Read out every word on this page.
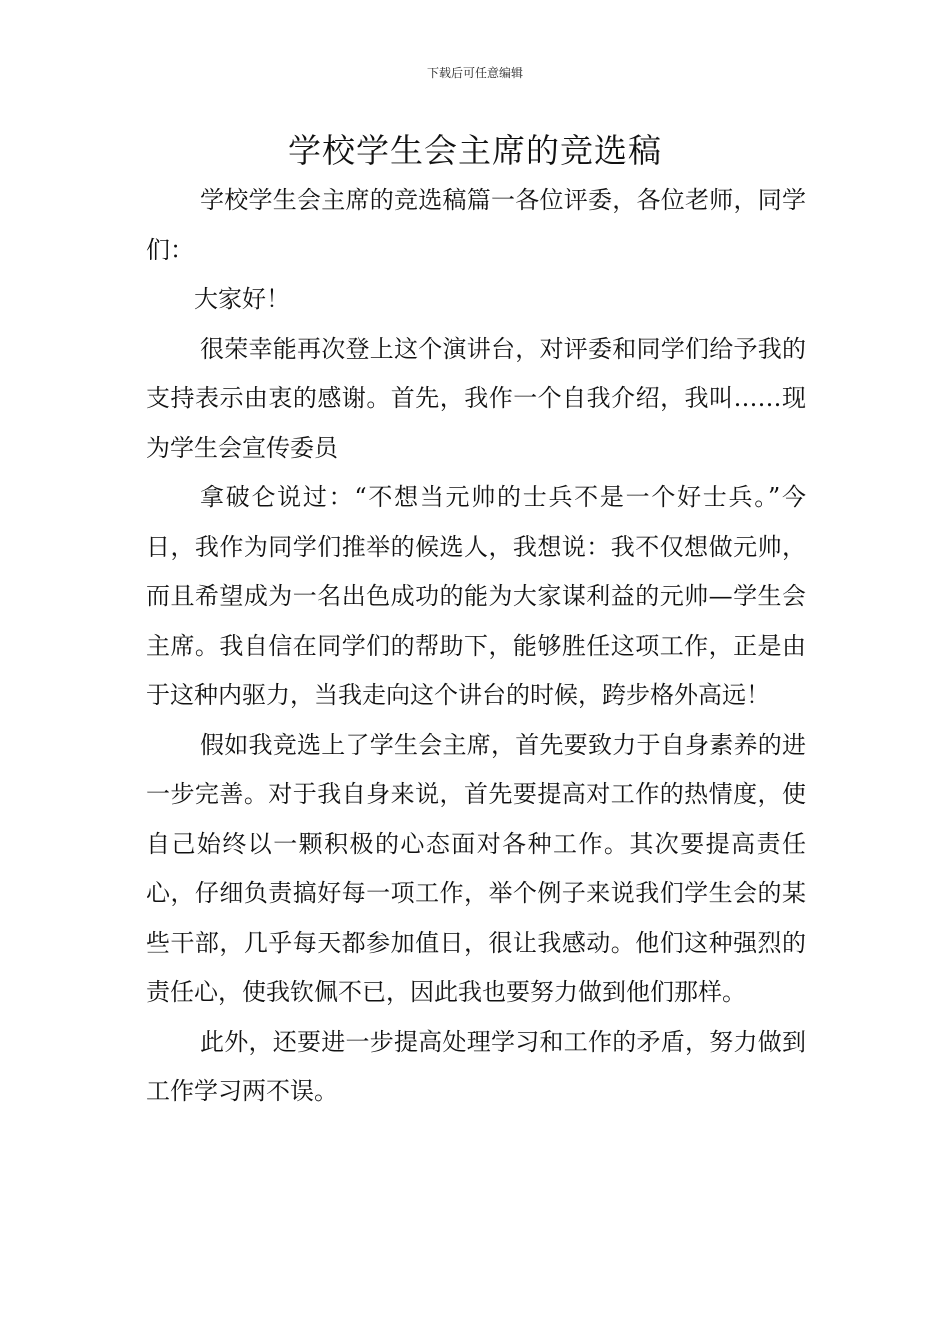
下载后可任意编辑
学校学生会主席的竞选稿

学校学生会主席的竞选稿篇一各位评委，各位老师，同学们：

大家好！

很荣幸能再次登上这个演讲台，对评委和同学们给予我的支持表示由衷的感谢。首先，我作一个自我介绍，我叫……现为学生会宣传委员

拿破仑说过：“不想当元帅的士兵不是一个好士兵。”今日，我作为同学们推举的候选人，我想说：我不仅想做元帅，而且希望成为一名出色成功的能为大家谋利益的元帅—学生会主席。我自信在同学们的帮助下，能够胜任这项工作，正是由于这种内驱力，当我走向这个讲台的时候，跨步格外高远！

假如我竞选上了学生会主席，首先要致力于自身素养的进一步完善。对于我自身来说，首先要提高对工作的热情度，使自己始终以一颗积极的心态面对各种工作。其次要提高责任心，仔细负责搞好每一项工作，举个例子来说我们学生会的某些干部，几乎每天都参加值日，很让我感动。他们这种强烈的责任心，使我钦佩不已，因此我也要努力做到他们那样。

此外，还要进一步提高处理学习和工作的矛盾，努力做到工作学习两不误。
